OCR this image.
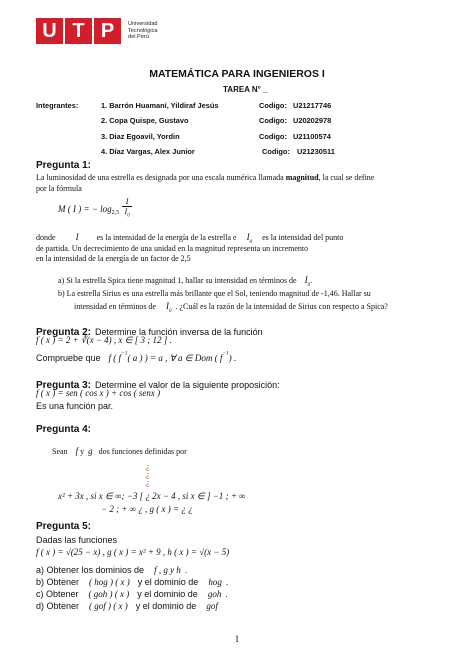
U T P	Universidad
Tecnológica
del Perú
MATEMÁTICA PARA INGENIEROS I
TAREA N° _
Integrantes:	1. Barrón Huamaní, Yildiraf Jesús	Codigo: U21217746
2. Copa Quispe, Gustavo	Codigo: U20202978
3. Diaz Egoavil, Yordin	Codigo: U21100574
4. Díaz Vargas, Alex Junior	Codigo: U21230511
Pregunta 1:
La luminosidad de una estrella es designada por una escala numérica llamada magnitud, la cual se define
por la fórmula
M ( I ) = − log 2,5
I
$I_0$
donde I es la intensidad de la energía de la estrella e $I_0$ es la intensidad del punto
de partida. Un decrecimiento de una unidad en la magnitud representa un incremento
en la intensidad de la energía de un factor de 2,5
a) Si la estrella Spica tiene magnitud 1, hallar su intensidad en términos de $I_0$.
b) La estrella Sirius es una estrella más brillante que el Sol, teniendo magnitud de -1,46. Hallar su
intensidad en términos de $I_0$. ¿Cuál es la razón de la intensidad de Sirius con respecto a Spica?
Pregunta 2: Determine la función inversa de la función
f ( x ) = 2 + ∛(x − 4) , x ∈ [ 3 ; 12 ] .
Compruebe que f ( $f^{-1}$( a ) ) = a , ∀ a ∈ Dom ( $f^{-1}$) .
Pregunta 3: Determine el valor de la siguiente proposición:
f ( x ) = sen ( cos x ) + cos ( senx )
Es una función par.
Pregunta 4:
Sean f y g dos funciones definidas por
¿
¿
¿
x² + 3x , si x ∈ ∞; −3 [ ¿ 2x − 4 , si x ∈ ] −1 ; + ∞
− 2 ; + ∞ ¿ , g ( x ) = ¿ ¿
Pregunta 5:
Dadas las funciones
f ( x ) = √(25 − x) , g ( x ) = x² + 9 , h ( x ) = √(x − 5)
a) Obtener los dominios de f , g y h .
b) Obtener ( hog ) ( x ) y el dominio de hog .
c) Obtener ( goh ) ( x ) y el dominio de goh .
d) Obtener ( gof ) ( x ) y el dominio de gof
1
